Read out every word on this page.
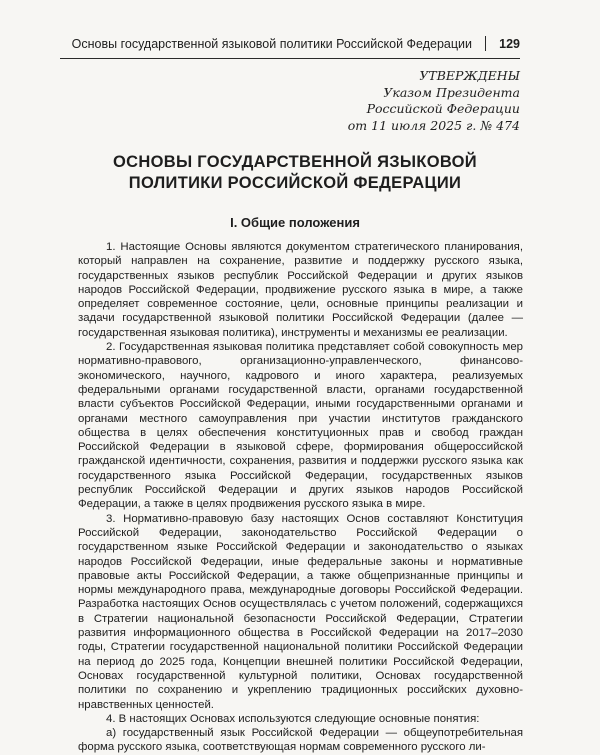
Основы государственной языковой политики Российской Федерации 129
УТВЕРЖДЕНЫ
Указом Президента
Российской Федерации
от 11 июля 2025 г. № 474
ОСНОВЫ ГОСУДАРСТВЕННОЙ ЯЗЫКОВОЙ
ПОЛИТИКИ РОССИЙСКОЙ ФЕДЕРАЦИИ
I. Общие положения

1. Настоящие Основы являются документом стратегического планирования, который направлен на сохранение, развитие и поддержку русского языка, государственных языков республик Российской Федерации и других языков народов Российской Федерации, продвижение русского языка в мире, а также определяет современное состояние, цели, основные принципы реализации и задачи государственной языковой политики Российской Федерации (далее — государственная языковая политика), инструменты и механизмы ее реализации.

2. Государственная языковая политика представляет собой совокупность мер нормативно-правового, организационно-управленческого, финансово-экономического, научного, кадрового и иного характера, реализуемых федеральными органами государственной власти, органами государственной власти субъектов Российской Федерации, иными государственными органами и органами местного самоуправления при участии институтов гражданского общества в целях обеспечения конституционных прав и свобод граждан Российской Федерации в языковой сфере, формирования общероссийской гражданской идентичности, сохранения, развития и поддержки русского языка как государственного языка Российской Федерации, государственных языков республик Российской Федерации и других языков народов Российской Федерации, а также в целях продвижения русского языка в мире.

3. Нормативно-правовую базу настоящих Основ составляют Конституция Российской Федерации, законодательство Российской Федерации о государственном языке Российской Федерации и законодательство о языках народов Российской Федерации, иные федеральные законы и нормативные правовые акты Российской Федерации, а также общепризнанные принципы и нормы международного права, международные договоры Российской Федерации. Разработка настоящих Основ осуществлялась с учетом положений, содержащихся в Стратегии национальной безопасности Российской Федерации, Стратегии развития информационного общества в Российской Федерации на 2017–2030 годы, Стратегии государственной национальной политики Российской Федерации на период до 2025 года, Концепции внешней политики Российской Федерации, Основах государственной культурной политики, Основах государственной политики по сохранению и укреплению традиционных российских духовно-нравственных ценностей.

4. В настоящих Основах используются следующие основные понятия:

а) государственный язык Российской Федерации — общеупотребительная форма русского языка, соответствующая нормам современного русского ли-
